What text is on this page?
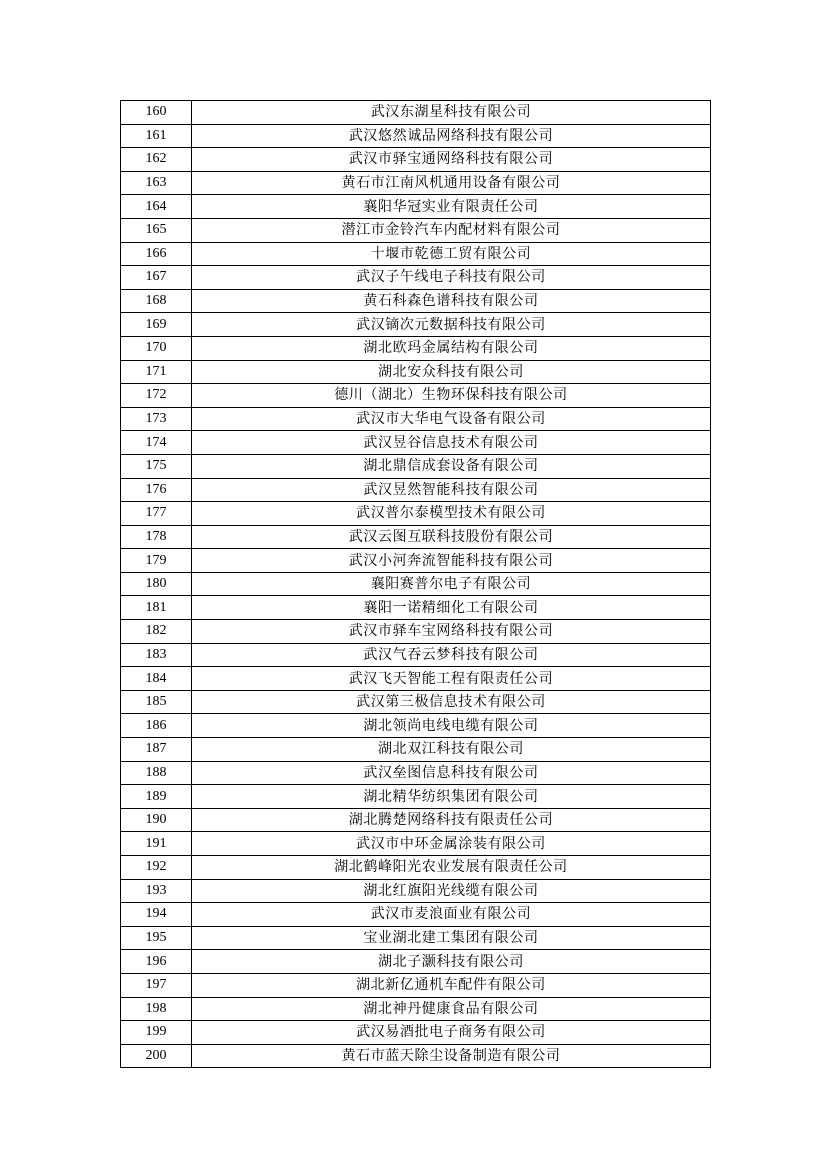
160	武汉东湖星科技有限公司
161	武汉悠然诚品网络科技有限公司
162	武汉市驿宝通网络科技有限公司
163	黄石市江南风机通用设备有限公司
164	襄阳华冠实业有限责任公司
165	潜江市金铃汽车内配材料有限公司
166	十堰市乾德工贸有限公司
167	武汉子午线电子科技有限公司
168	黄石科森色谱科技有限公司
169	武汉镝次元数据科技有限公司
170	湖北欧玛金属结构有限公司
171	湖北安众科技有限公司
172	德川（湖北）生物环保科技有限公司
173	武汉市大华电气设备有限公司
174	武汉昱谷信息技术有限公司
175	湖北鼎信成套设备有限公司
176	武汉昱然智能科技有限公司
177	武汉普尔泰模型技术有限公司
178	武汉云图互联科技股份有限公司
179	武汉小河奔流智能科技有限公司
180	襄阳赛普尔电子有限公司
181	襄阳一诺精细化工有限公司
182	武汉市驿车宝网络科技有限公司
183	武汉气吞云梦科技有限公司
184	武汉飞天智能工程有限责任公司
185	武汉第三极信息技术有限公司
186	湖北领尚电线电缆有限公司
187	湖北双江科技有限公司
188	武汉垒图信息科技有限公司
189	湖北精华纺织集团有限公司
190	湖北腾楚网络科技有限责任公司
191	武汉市中环金属涂装有限公司
192	湖北鹤峰阳光农业发展有限责任公司
193	湖北红旗阳光线缆有限公司
194	武汉市麦浪面业有限公司
195	宝业湖北建工集团有限公司
196	湖北子灏科技有限公司
197	湖北新亿通机车配件有限公司
198	湖北神丹健康食品有限公司
199	武汉易酒批电子商务有限公司
200	黄石市蓝天除尘设备制造有限公司
